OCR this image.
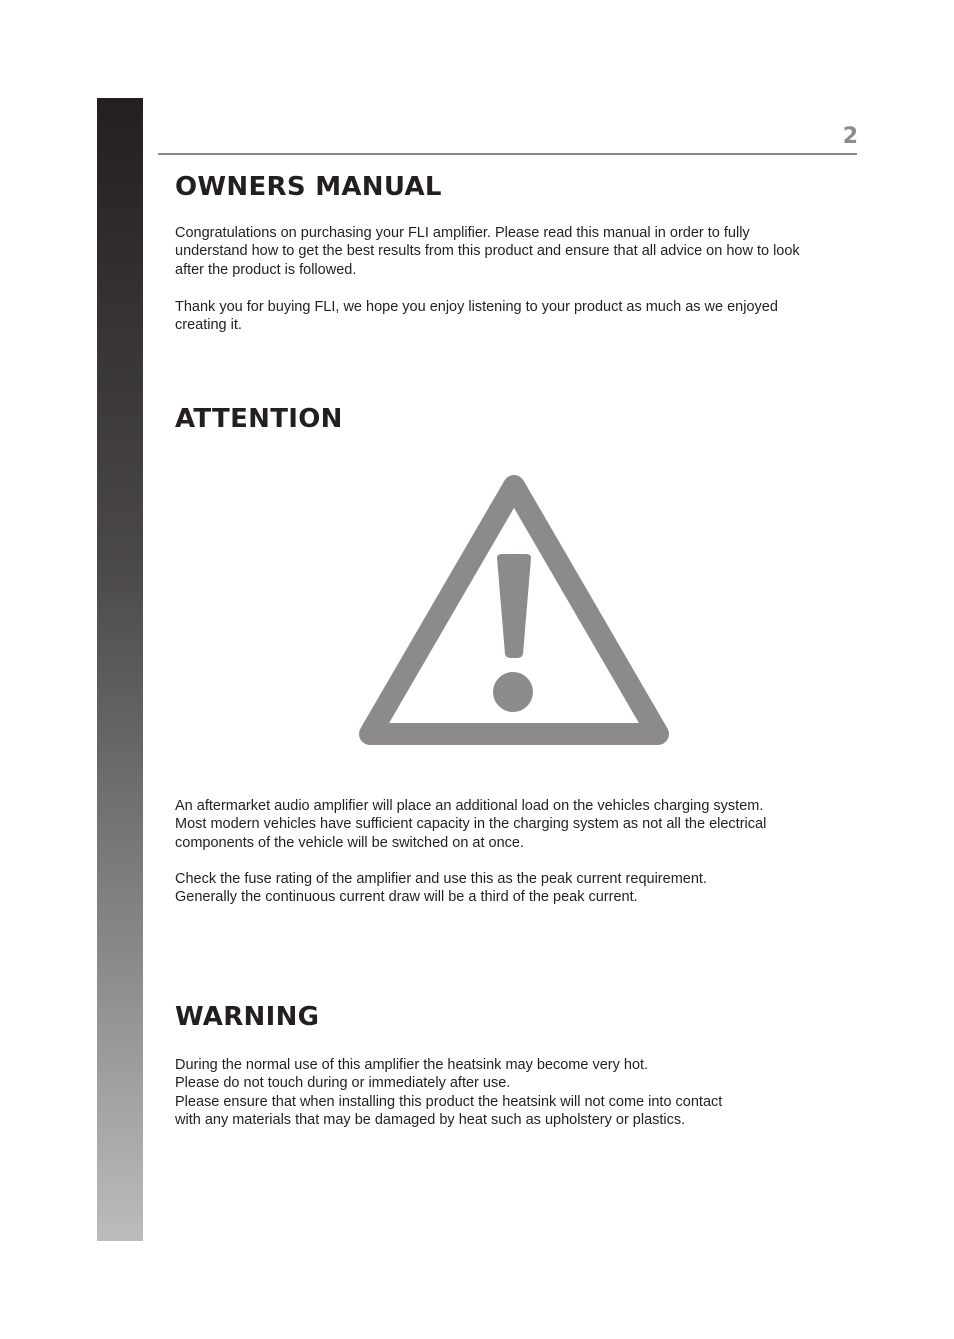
2
OWNERS MANUAL

Congratulations on purchasing your FLI amplifier. Please read this manual in order to fully
understand how to get the best results from this product and ensure that all advice on how to look
after the product is followed.

Thank you for buying FLI, we hope you enjoy listening to your product as much as we enjoyed
creating it.

ATTENTION

An aftermarket audio amplifier will place an additional load on the vehicles charging system.
Most modern vehicles have sufficient capacity in the charging system as not all the electrical
components of the vehicle will be switched on at once.

Check the fuse rating of the amplifier and use this as the peak current requirement.
Generally the continuous current draw will be a third of the peak current.

WARNING

During the normal use of this amplifier the heatsink may become very hot.
Please do not touch during or immediately after use.
Please ensure that when installing this product the heatsink will not come into contact
with any materials that may be damaged by heat such as upholstery or plastics.
